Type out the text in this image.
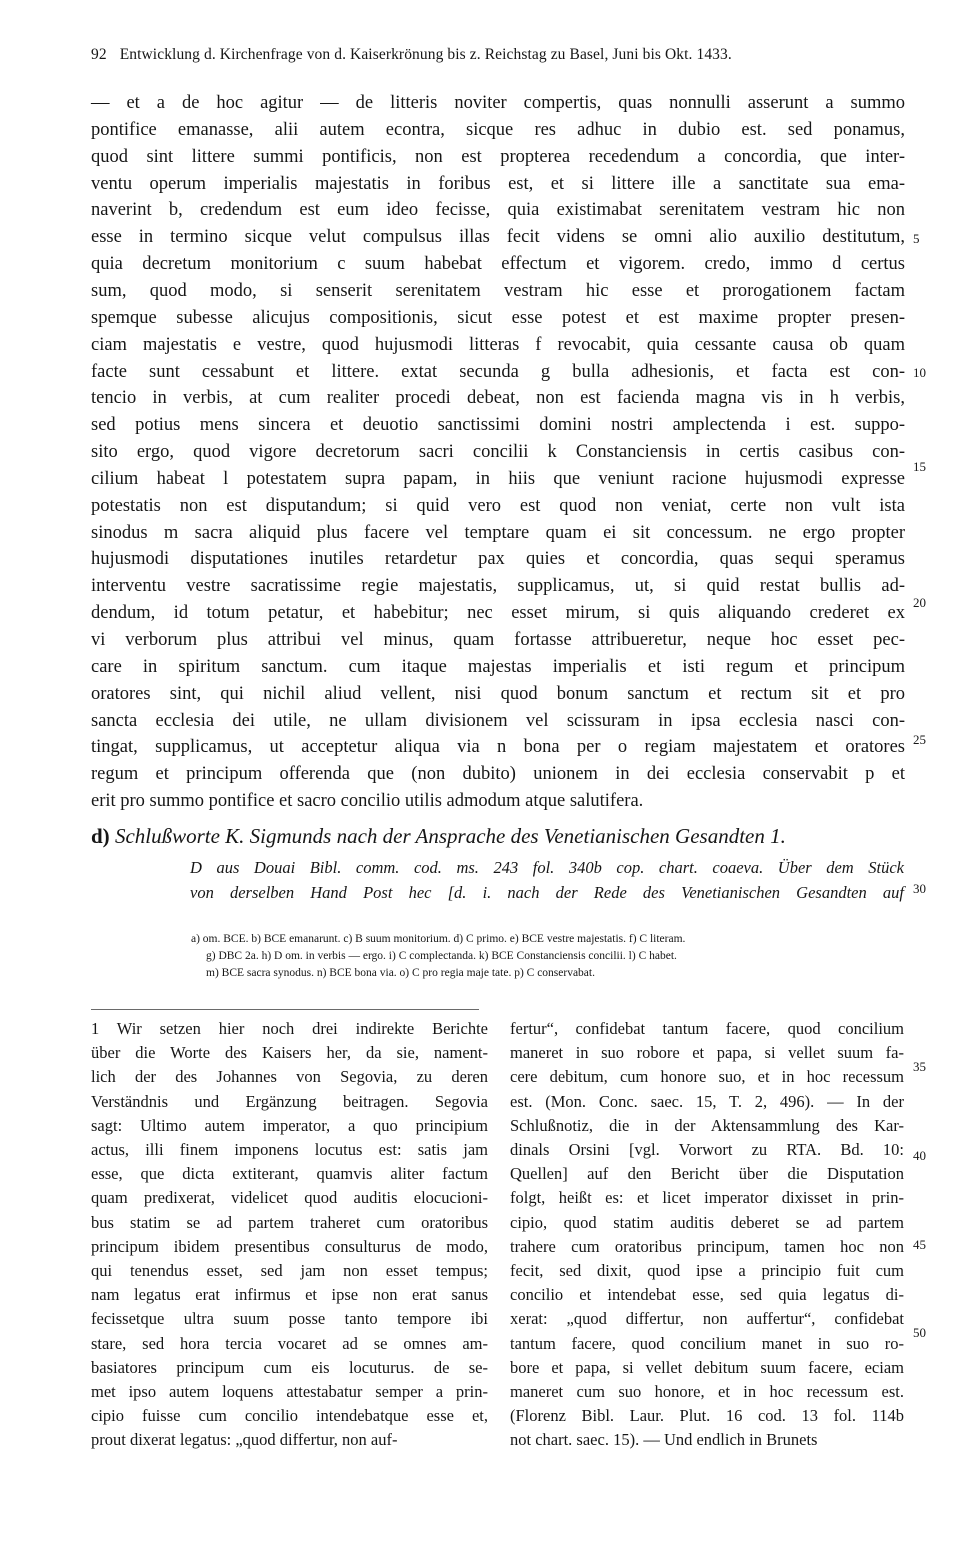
92 Entwicklung d. Kirchenfrage von d. Kaiserkrönung bis z. Reichstag zu Basel, Juni bis Okt. 1433.
— et a de hoc agitur — de litteris noviter compertis, quas nonnulli asserunt a summo
pontifice emanasse, alii autem econtra, sicque res adhuc in dubio est. sed ponamus,
quod sint littere summi pontificis, non est propterea recedendum a concordia, que inter-
ventu operum imperialis majestatis in foribus est, et si littere ille a sanctitate sua ema-
naverint b, credendum est eum ideo fecisse, quia existimabat serenitatem vestram hic non
esse in termino sicque velut compulsus illas fecit videns se omni alio auxilio destitutum,
quia decretum monitorium c suum habebat effectum et vigorem. credo, immo d certus
sum, quod modo, si senserit serenitatem vestram hic esse et prorogationem factam
spemque subesse alicujus compositionis, sicut esse potest et est maxime propter presen-
ciam majestatis e vestre, quod hujusmodi litteras f revocabit, quia cessante causa ob quam
facte sunt cessabunt et littere. extat secunda g bulla adhesionis, et facta est con-
tencio in verbis, at cum realiter procedi debeat, non est facienda magna vis in h verbis,
sed potius mens sincera et deuotio sanctissimi domini nostri amplectenda i est. suppo-
sito ergo, quod vigore decretorum sacri concilii k Constanciensis in certis casibus con-
cilium habeat l potestatem supra papam, in hiis que veniunt racione hujusmodi expresse
potestatis non est disputandum; si quid vero est quod non veniat, certe non vult ista
sinodus m sacra aliquid plus facere vel temptare quam ei sit concessum. ne ergo propter
hujusmodi disputationes inutiles retardetur pax quies et concordia, quas sequi speramus
interventu vestre sacratissime regie majestatis, supplicamus, ut, si quid restat bullis ad-
dendum, id totum petatur, et habebitur; nec esset mirum, si quis aliquando crederet ex
vi verborum plus attribui vel minus, quam fortasse attribueretur, neque hoc esset pec-
care in spiritum sanctum. cum itaque majestas imperialis et isti regum et principum
oratores sint, qui nichil aliud vellent, nisi quod bonum sanctum et rectum sit et pro
sancta ecclesia dei utile, ne ullam divisionem vel scissuram in ipsa ecclesia nasci con-
tingat, supplicamus, ut acceptetur aliqua via n bona per o regiam majestatem et oratores
regum et principum offerenda que (non dubito) unionem in dei ecclesia conservabit p et
erit pro summo pontifice et sacro concilio utilis admodum atque salutifera.
5
10
15
20
25
30
35
40
45
50
d) Schlußworte K. Sigmunds nach der Ansprache des Venetianischen Gesandten 1.
D aus Douai Bibl. comm. cod. ms. 243 fol. 340b cop. chart. coaeva. Über dem Stück
von derselben Hand Post hec [d. i. nach der Rede des Venetianischen Gesandten auf
a) om. BCE. b) BCE emanarunt. c) B suum monitorium. d) C primo. e) BCE vestre majestatis. f) C literam.
g) DBC 2a. h) D om. in verbis — ergo. i) C complectanda. k) BCE Constanciensis concilii. l) C habet.
m) BCE sacra synodus. n) BCE bona via. o) C pro regia maje tate. p) C conservabat.
1 Wir setzen hier noch drei indirekte Berichte
über die Worte des Kaisers her, da sie, nament-
lich der des Johannes von Segovia, zu deren
Verständnis und Ergänzung beitragen. Segovia
sagt: Ultimo autem imperator, a quo principium
actus, illi finem imponens locutus est: satis jam
esse, que dicta extiterant, quamvis aliter factum
quam predixerat, videlicet quod auditis elocucioni-
bus statim se ad partem traheret cum oratoribus
principum ibidem presentibus consulturus de modo,
qui tenendus esset, sed jam non esset tempus;
nam legatus erat infirmus et ipse non erat sanus
fecissetque ultra suum posse tanto tempore ibi
stare, sed hora tercia vocaret ad se omnes am-
basiatores principum cum eis locuturus. de se-
met ipso autem loquens attestabatur semper a prin-
cipio fuisse cum concilio intendebatque esse et,
prout dixerat legatus: „quod differtur, non auf-
fertur“, confidebat tantum facere, quod concilium
maneret in suo robore et papa, si vellet suum fa-
cere debitum, cum honore suo, et in hoc recessum
est. (Mon. Conc. saec. 15, T. 2, 496). — In der
Schlußnotiz, die in der Aktensammlung des Kar-
dinals Orsini [vgl. Vorwort zu RTA. Bd. 10:
Quellen] auf den Bericht über die Disputation
folgt, heißt es: et licet imperator dixisset in prin-
cipio, quod statim auditis deberet se ad partem
trahere cum oratoribus principum, tamen hoc non
fecit, sed dixit, quod ipse a principio fuit cum
concilio et intendebat esse, sed quia legatus di-
xerat: „quod differtur, non auffertur“, confidebat
tantum facere, quod concilium manet in suo ro-
bore et papa, si vellet debitum suum facere, eciam
maneret cum suo honore, et in hoc recessum est.
(Florenz Bibl. Laur. Plut. 16 cod. 13 fol. 114b
not chart. saec. 15). — Und endlich in Brunets
